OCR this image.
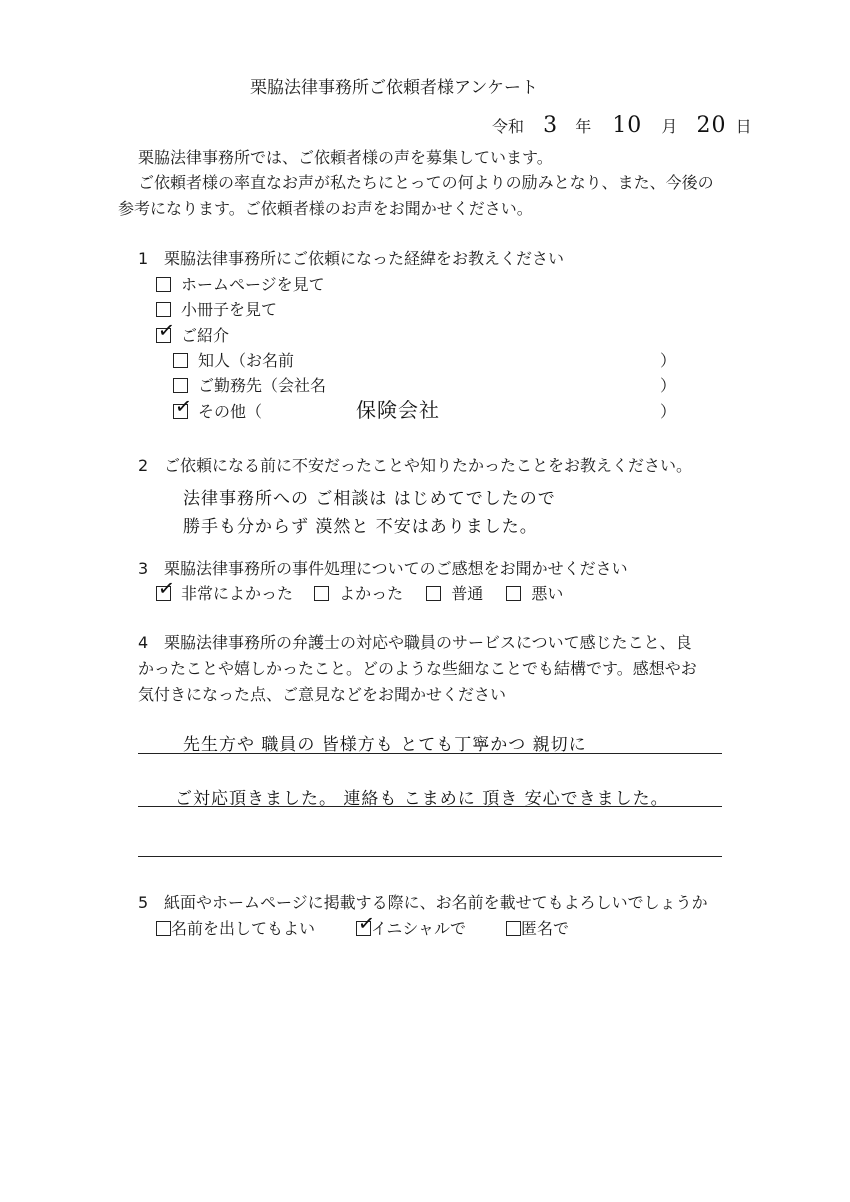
栗脇法律事務所ご依頼者様アンケート
令和 3 年 10 月 20 日
栗脇法律事務所では、ご依頼者様の声を募集しています。
ご依頼者様の率直なお声が私たちにとっての何よりの励みとなり、また、今後の
参考になります。ご依頼者様のお声をお聞かせください。
1 栗脇法律事務所にご依頼になった経緯をお教えください
ホームページを見て
小冊子を見て
✓ ご紹介
知人（お名前	）
ご勤務先（会社名	）
✓ その他（	保険会社	）
2 ご依頼になる前に不安だったことや知りたかったことをお教えください。
法律事務所への ご相談は はじめてでしたので
勝手も分からず 漠然と 不安はありました。
3 栗脇法律事務所の事件処理についてのご感想をお聞かせください
✓ 非常によかった	よかった	普通	悪い
4 栗脇法律事務所の弁護士の対応や職員のサービスについて感じたこと、良
かったことや嬉しかったこと。どのような些細なことでも結構です。感想やお
気付きになった点、ご意見などをお聞かせください
先生方や 職員の 皆様方も とても丁寧かつ 親切に
ご対応頂きました。 連絡も こまめに 頂き 安心できました。
5 紙面やホームページに掲載する際に、お名前を載せてもよろしいでしょうか
名前を出してもよい ✓
イニシャルで	匿名で
